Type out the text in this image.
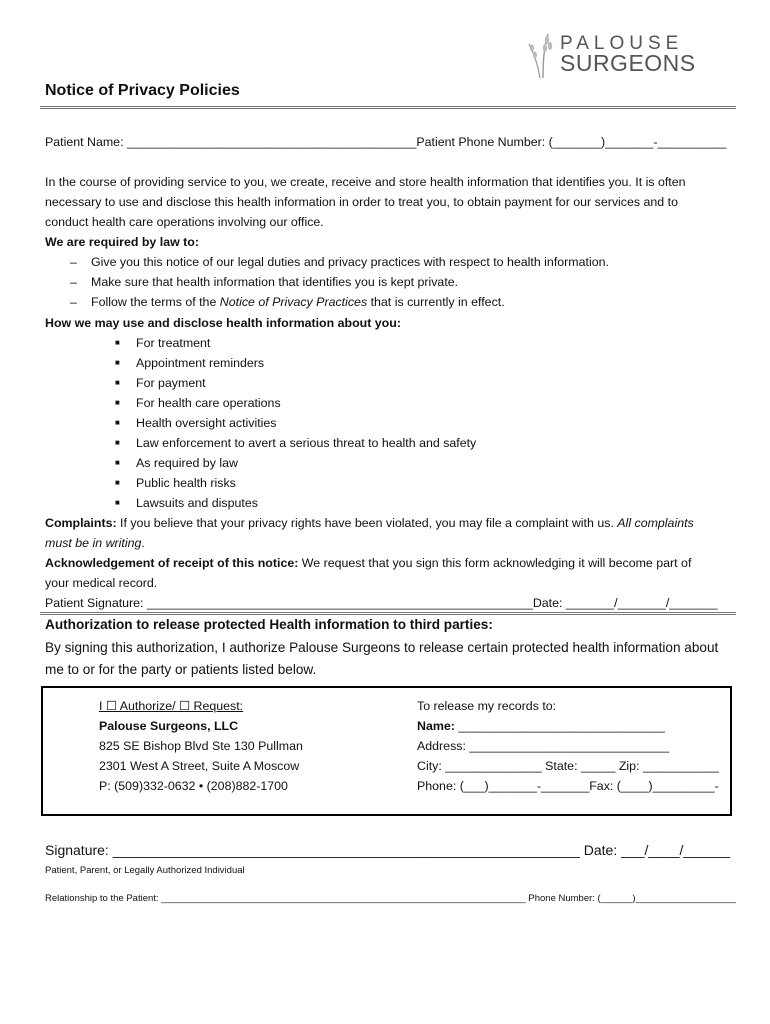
PALOUSE
SURGEONS
Notice of Privacy Policies
Patient Name: __________________________________________Patient Phone Number: (_______)_______-__________
In the course of providing service to you, we create, receive and store health information that identifies you. It is often
necessary to use and disclose this health information in order to treat you, to obtain payment for our services and to
conduct health care operations involving our office.
We are required by law to:
– Give you this notice of our legal duties and privacy practices with respect to health information.
– Make sure that health information that identifies you is kept private.
– Follow the terms of the Notice of Privacy Practices that is currently in effect.
How we may use and disclose health information about you:
■ For treatment
■ Appointment reminders
■ For payment
■ For health care operations
■ Health oversight activities
■ Law enforcement to avert a serious threat to health and safety
■ As required by law
■ Public health risks
■ Lawsuits and disputes
Complaints: If you believe that your privacy rights have been violated, you may file a complaint with us. All complaints
must be in writing.
Acknowledgement of receipt of this notice: We request that you sign this form acknowledging it will become part of
your medical record.
Patient Signature: ________________________________________________________Date: _______/_______/_______
Authorization to release protected Health information to third parties:
By signing this authorization, I authorize Palouse Surgeons to release certain protected health information about me to or for the party or patients listed below.
I ☐ Authorize/ ☐ Request:
Palouse Surgeons, LLC
825 SE Bishop Blvd Ste 130 Pullman
2301 West A Street, Suite A Moscow
P: (509)332-0632 • (208)882-1700
To release my records to:
Name: ______________________________
Address: _____________________________
City: ______________ State: _____ Zip: ___________
Phone: (___)_______-_______Fax: (____)_________-
Signature: ____________________________________________________________ Date: ___/____/______
Patient, Parent, or Legally Authorized Individual
Relationship to the Patient: _____________________________________________________________________ Phone Number: (______)___________________
